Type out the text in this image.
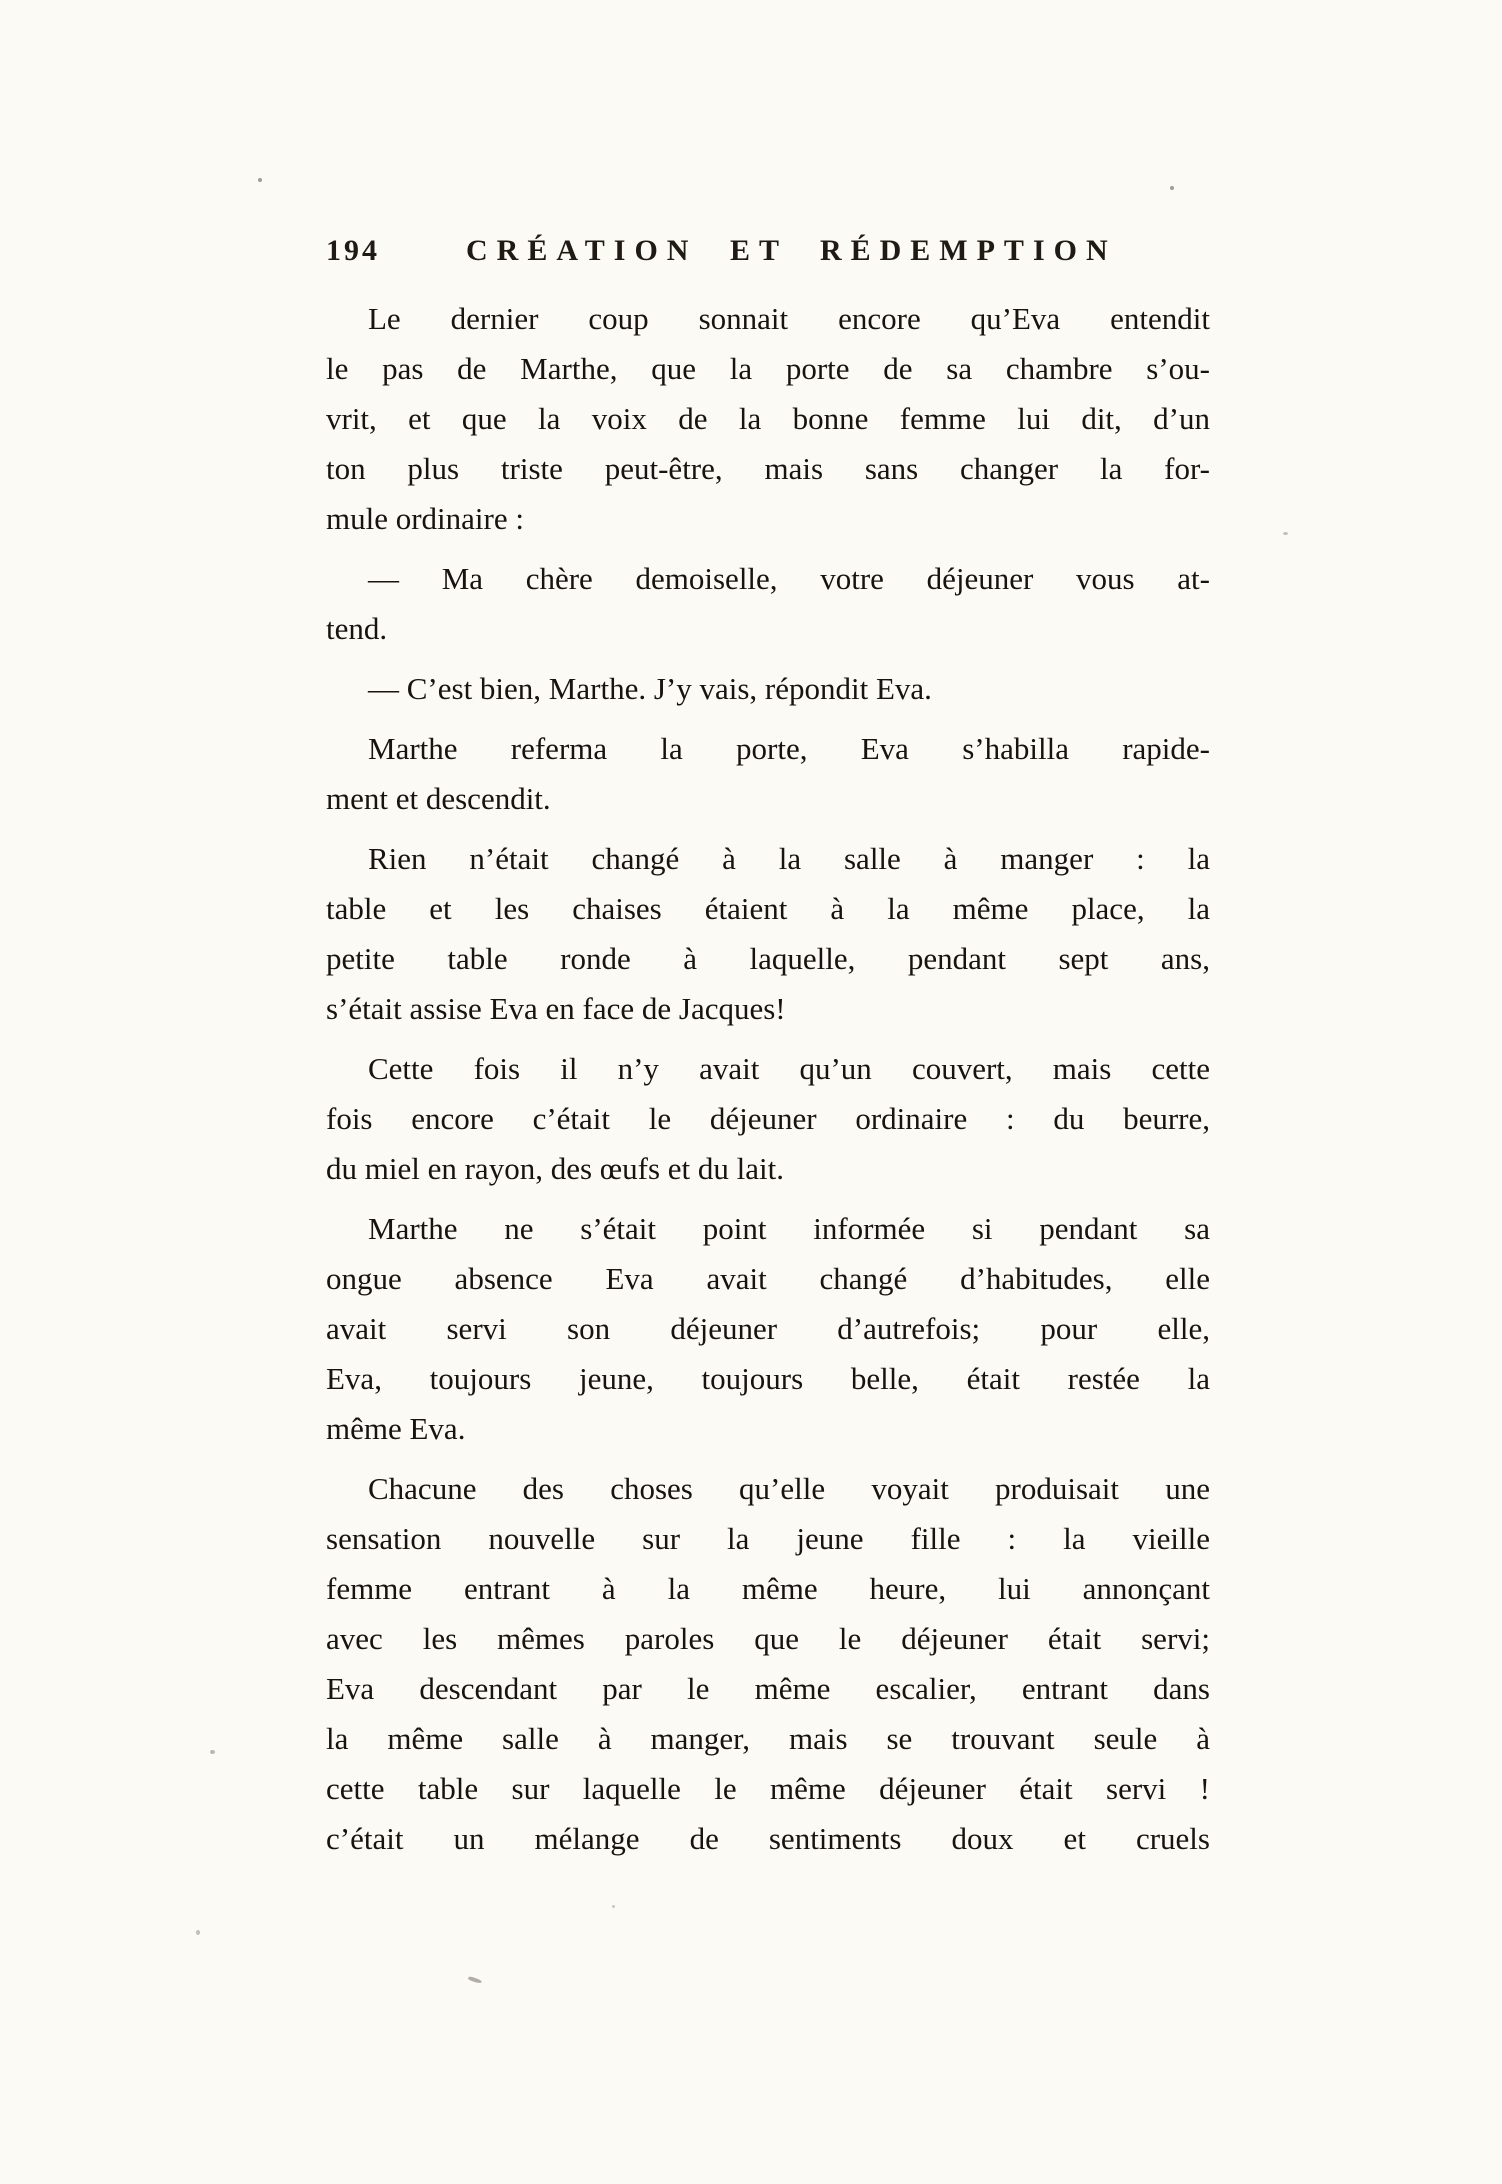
194	CRÉATION ET RÉDEMPTION

Le dernier coup sonnait encore qu’Eva entendit
le pas de Marthe, que la porte de sa chambre s’ou-
vrit, et que la voix de la bonne femme lui dit, d’un
ton plus triste peut-être, mais sans changer la for-
mule ordinaire :

— Ma chère demoiselle, votre déjeuner vous at-
tend.

— C’est bien, Marthe. J’y vais, répondit Eva.

Marthe referma la porte, Eva s’habilla rapide-
ment et descendit.

Rien n’était changé à la salle à manger : la
table et les chaises étaient à la même place, la
petite table ronde à laquelle, pendant sept ans,
s’était assise Eva en face de Jacques!

Cette fois il n’y avait qu’un couvert, mais cette
fois encore c’était le déjeuner ordinaire : du beurre,
du miel en rayon, des œufs et du lait.

Marthe ne s’était point informée si pendant sa
ongue absence Eva avait changé d’habitudes, elle
avait servi son déjeuner d’autrefois; pour elle,
Eva, toujours jeune, toujours belle, était restée la
même Eva.

Chacune des choses qu’elle voyait produisait une
sensation nouvelle sur la jeune fille : la vieille
femme entrant à la même heure, lui annonçant
avec les mêmes paroles que le déjeuner était servi;
Eva descendant par le même escalier, entrant dans
la même salle à manger, mais se trouvant seule à
cette table sur laquelle le même déjeuner était servi !
c’était un mélange de sentiments doux et cruels
